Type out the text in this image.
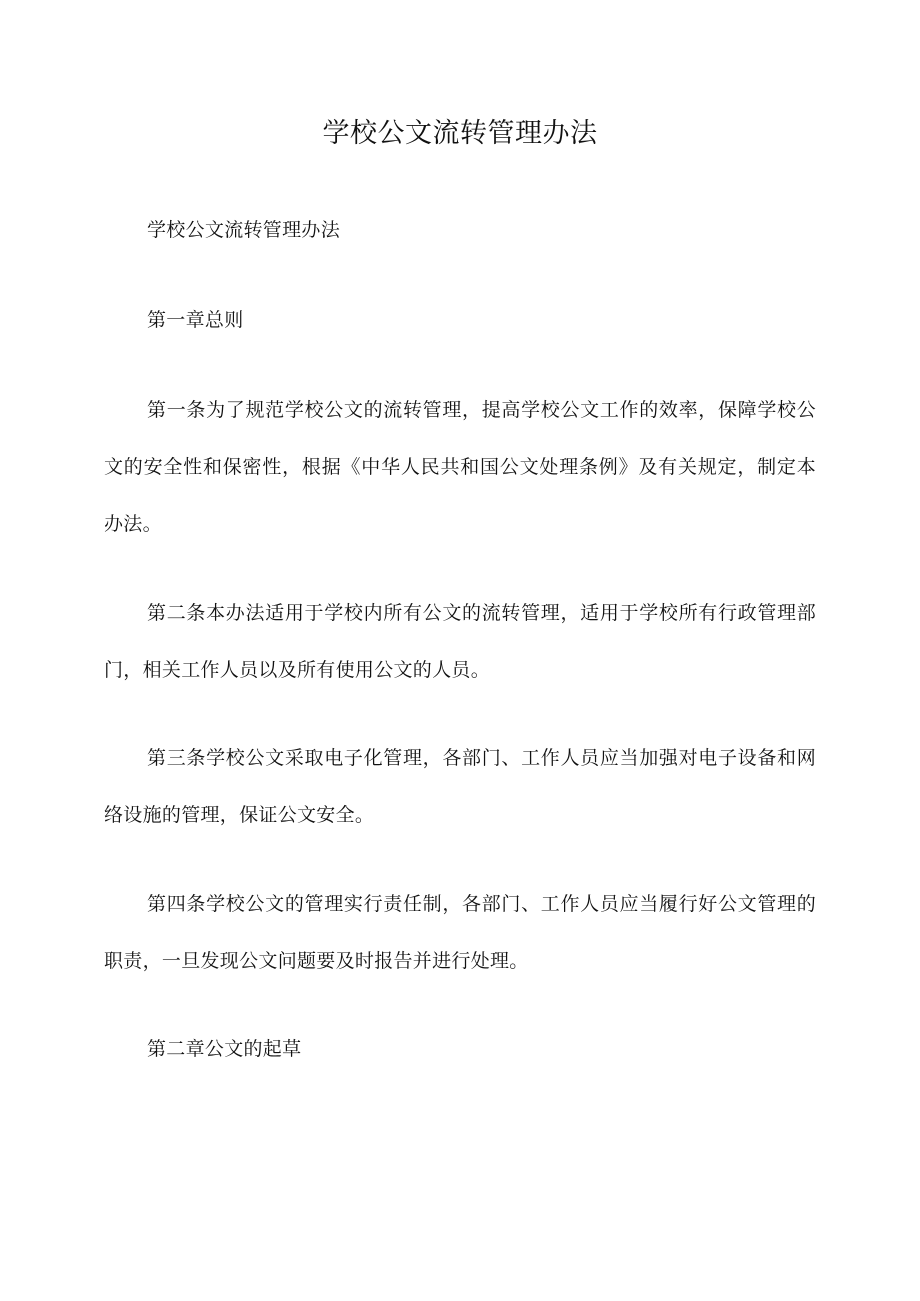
学校公文流转管理办法

学校公文流转管理办法

第一章总则

第一条为了规范学校公文的流转管理，提高学校公文工作的效率，保障学校公文的安全性和保密性，根据《中华人民共和国公文处理条例》及有关规定，制定本办法。

第二条本办法适用于学校内所有公文的流转管理，适用于学校所有行政管理部门，相关工作人员以及所有使用公文的人员。

第三条学校公文采取电子化管理，各部门、工作人员应当加强对电子设备和网络设施的管理，保证公文安全。

第四条学校公文的管理实行责任制，各部门、工作人员应当履行好公文管理的职责，一旦发现公文问题要及时报告并进行处理。

第二章公文的起草
